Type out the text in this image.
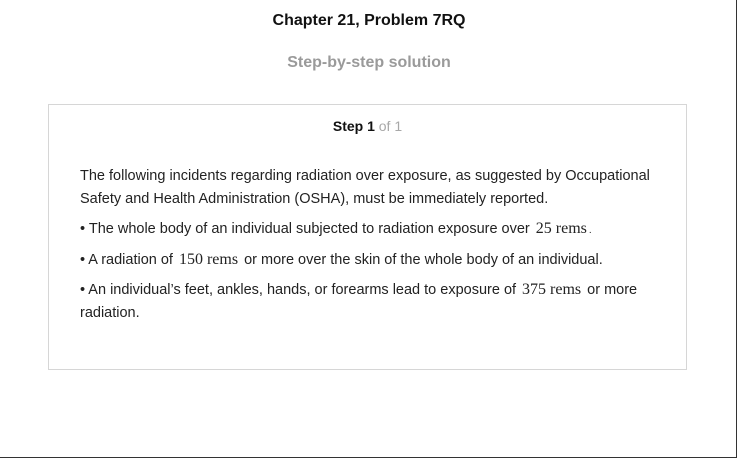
Chapter 21, Problem 7RQ
Step-by-step solution
Step 1 of 1

The following incidents regarding radiation over exposure, as suggested by Occupational Safety and Health Administration (OSHA), must be immediately reported.

• The whole body of an individual subjected to radiation exposure over 25 rems .

• A radiation of 150 rems or more over the skin of the whole body of an individual.

• An individual’s feet, ankles, hands, or forearms lead to exposure of 375 rems or more radiation.
